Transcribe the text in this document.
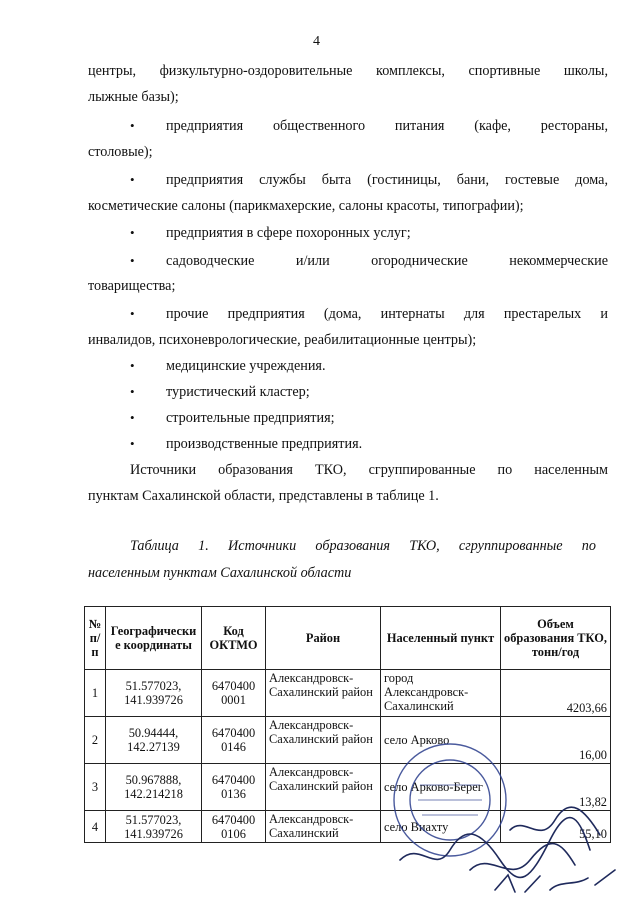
4
центры, физкультурно-оздоровительные комплексы, спортивные школы,
лыжные базы);
• предприятия общественного питания (кафе, рестораны,
столовые);
• предприятия службы быта (гостиницы, бани, гостевые дома,
косметические салоны (парикмахерские, салоны красоты, типографии);
• предприятия в сфере похоронных услуг;
• садоводческие и/или огороднические некоммерческие
товарищества;
• прочие предприятия (дома, интернаты для престарелых и
инвалидов, психоневрологические, реабилитационные центры);
• медицинские учреждения.
• туристический кластер;
• строительные предприятия;
• производственные предприятия.
Источники образования ТКО, сгруппированные по населенным
пунктам Сахалинской области, представлены в таблице 1.
Таблица 1. Источники образования ТКО, сгруппированные по
населенным пунктам Сахалинской области
№ п/п	Географически е координаты	Код ОКТМО	Район	Населенный пункт	Объем образования ТКО, тонн/год
1	51.577023, 141.939726	6470400 0001	Александровск-Сахалинский район	город Александровск-Сахалинский	4203,66
2	50.94444, 142.27139	6470400 0146	Александровск-Сахалинский район	село Арково	16,00
3	50.967888, 142.214218	6470400 0136	Александровск-Сахалинский район	село Арково-Берег	13,82
4	51.577023, 141.939726	6470400 0106	Александровск-Сахалинский	село Виахту	55,10
